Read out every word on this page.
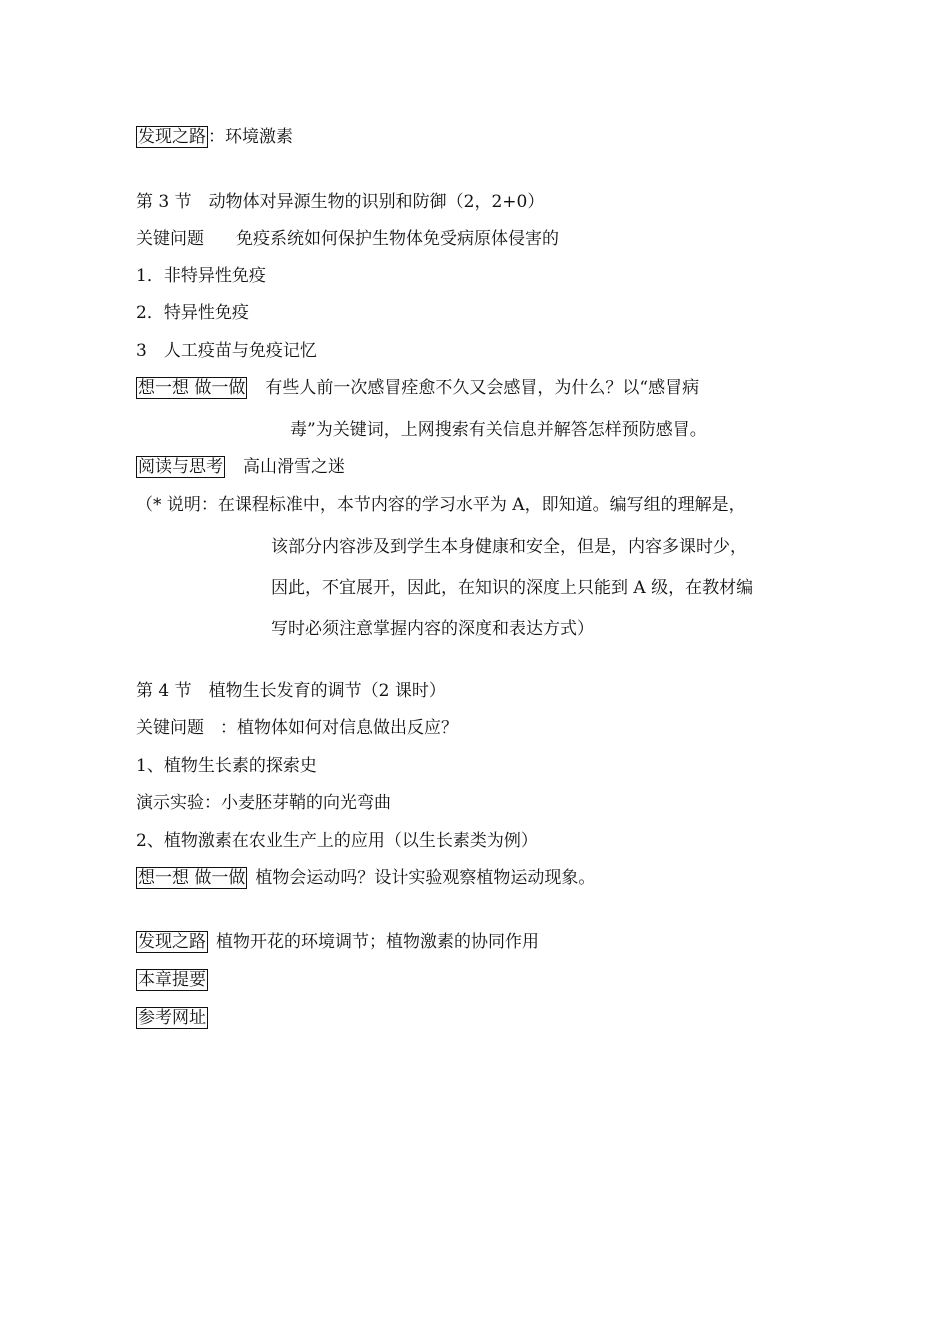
发现之路 ：环境激素
第 3 节　动物体对异源生物的识别和防御（2，2+0）
关键问题 免疫系统如何保护生物体免受病原体侵害的
1．非特异性免疫
2．特异性免疫
3　人工疫苗与免疫记忆
想一想 做一做 有些人前一次感冒痊愈不久又会感冒，为什么？以“感冒病
毒”为关键词，上网搜索有关信息并解答怎样预防感冒。
阅读与思考 高山滑雪之迷
（* 说明：在课程标准中，本节内容的学习水平为 A，即知道。编写组的理解是，
该部分内容涉及到学生本身健康和安全，但是，内容多课时少，
因此，不宜展开，因此，在知识的深度上只能到 A 级，在教材编
写时必须注意掌握内容的深度和表达方式）
第 4 节　植物生长发育的调节（2 课时）
关键问题 ：植物体如何对信息做出反应？
1、植物生长素的探索史
演示实验：小麦胚芽鞘的向光弯曲
2、植物激素在农业生产上的应用（以生长素类为例）
想一想 做一做 植物会运动吗？设计实验观察植物运动现象。
发现之路 植物开花的环境调节；植物激素的协同作用
本章提要
参考网址
